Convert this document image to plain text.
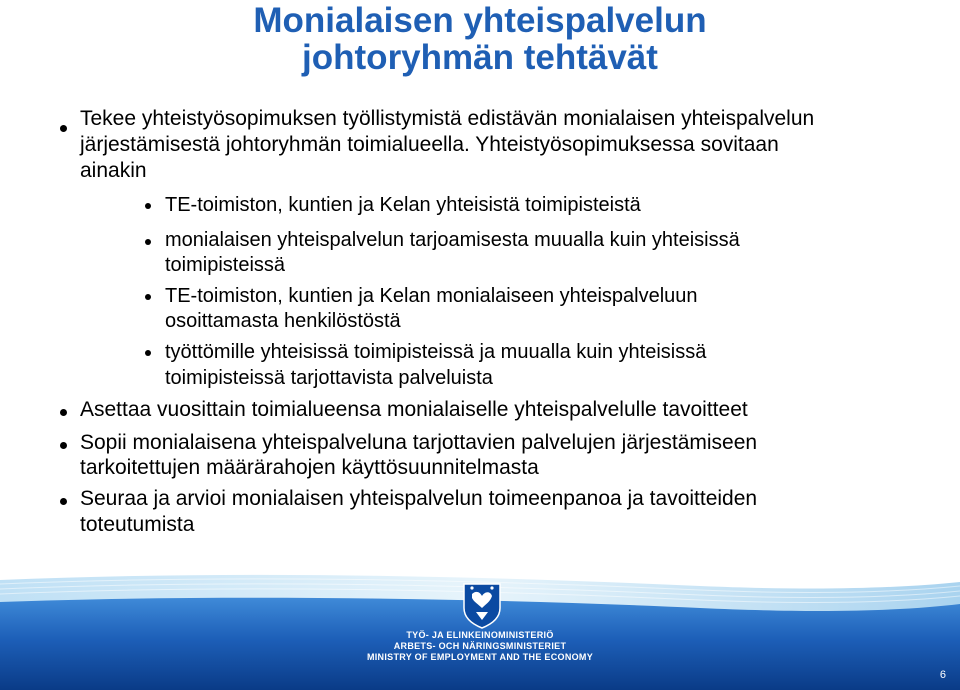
Monialaisen yhteispalvelun
johtoryhmän tehtävät
Tekee yhteistyösopimuksen työllistymistä edistävän monialaisen yhteispalvelun
järjestämisestä johtoryhmän toimialueella. Yhteistyösopimuksessa sovitaan
ainakin
TE-toimiston, kuntien ja Kelan yhteisistä toimipisteistä
monialaisen yhteispalvelun tarjoamisesta muualla kuin yhteisissä
toimipisteissä
TE-toimiston, kuntien ja Kelan monialaiseen yhteispalveluun
osoittamasta henkilöstöstä
työttömille yhteisissä toimipisteissä ja muualla kuin yhteisissä
toimipisteissä tarjottavista palveluista
Asettaa vuosittain toimialueensa monialaiselle yhteispalvelulle tavoitteet
Sopii monialaisena yhteispalveluna tarjottavien palvelujen järjestämiseen
tarkoitettujen määrärahojen käyttösuunnitelmasta
Seuraa ja arvioi monialaisen yhteispalvelun toimeenpanoa ja tavoitteiden
toteutumista
TYÖ- JA ELINKEINOMINISTERIÖ
ARBETS- OCH NÄRINGSMINISTERIET
MINISTRY OF EMPLOYMENT AND THE ECONOMY
6
